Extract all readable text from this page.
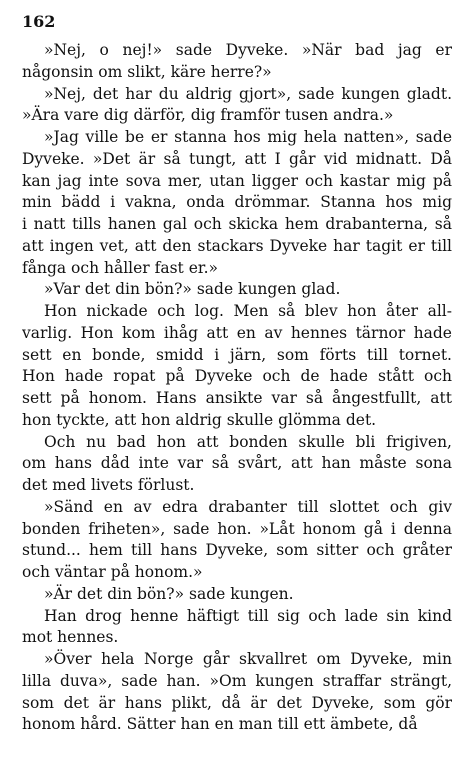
162
»Nej, o nej!» sade Dyveke. »När bad jag er
någonsin om slikt, käre herre?»
»Nej, det har du aldrig gjort», sade kungen gladt.
»Ära vare dig därför, dig framför tusen andra.»
»Jag ville be er stanna hos mig hela natten», sade
Dyveke. »Det är så tungt, att I går vid midnatt. Då
kan jag inte sova mer, utan ligger och kastar mig på
min bädd i vakna, onda drömmar. Stanna hos mig
i natt tills hanen gal och skicka hem drabanterna, så
att ingen vet, att den stackars Dyveke har tagit er till
fånga och håller fast er.»
»Var det din bön?» sade kungen glad.
Hon nickade och log. Men så blev hon åter all-
varlig. Hon kom ihåg att en av hennes tärnor hade
sett en bonde, smidd i järn, som förts till tornet.
Hon hade ropat på Dyveke och de hade stått och
sett på honom. Hans ansikte var så ångestfullt, att
hon tyckte, att hon aldrig skulle glömma det.
Och nu bad hon att bonden skulle bli frigiven,
om hans dåd inte var så svårt, att han måste sona
det med livets förlust.
»Sänd en av edra drabanter till slottet och giv
bonden friheten», sade hon. »Låt honom gå i denna
stund... hem till hans Dyveke, som sitter och gråter
och väntar på honom.»
»Är det din bön?» sade kungen.
Han drog henne häftigt till sig och lade sin kind
mot hennes.
»Över hela Norge går skvallret om Dyveke, min
lilla duva», sade han. »Om kungen straffar strängt,
som det är hans plikt, då är det Dyveke, som gör
honom hård. Sätter han en man till ett ämbete, då
